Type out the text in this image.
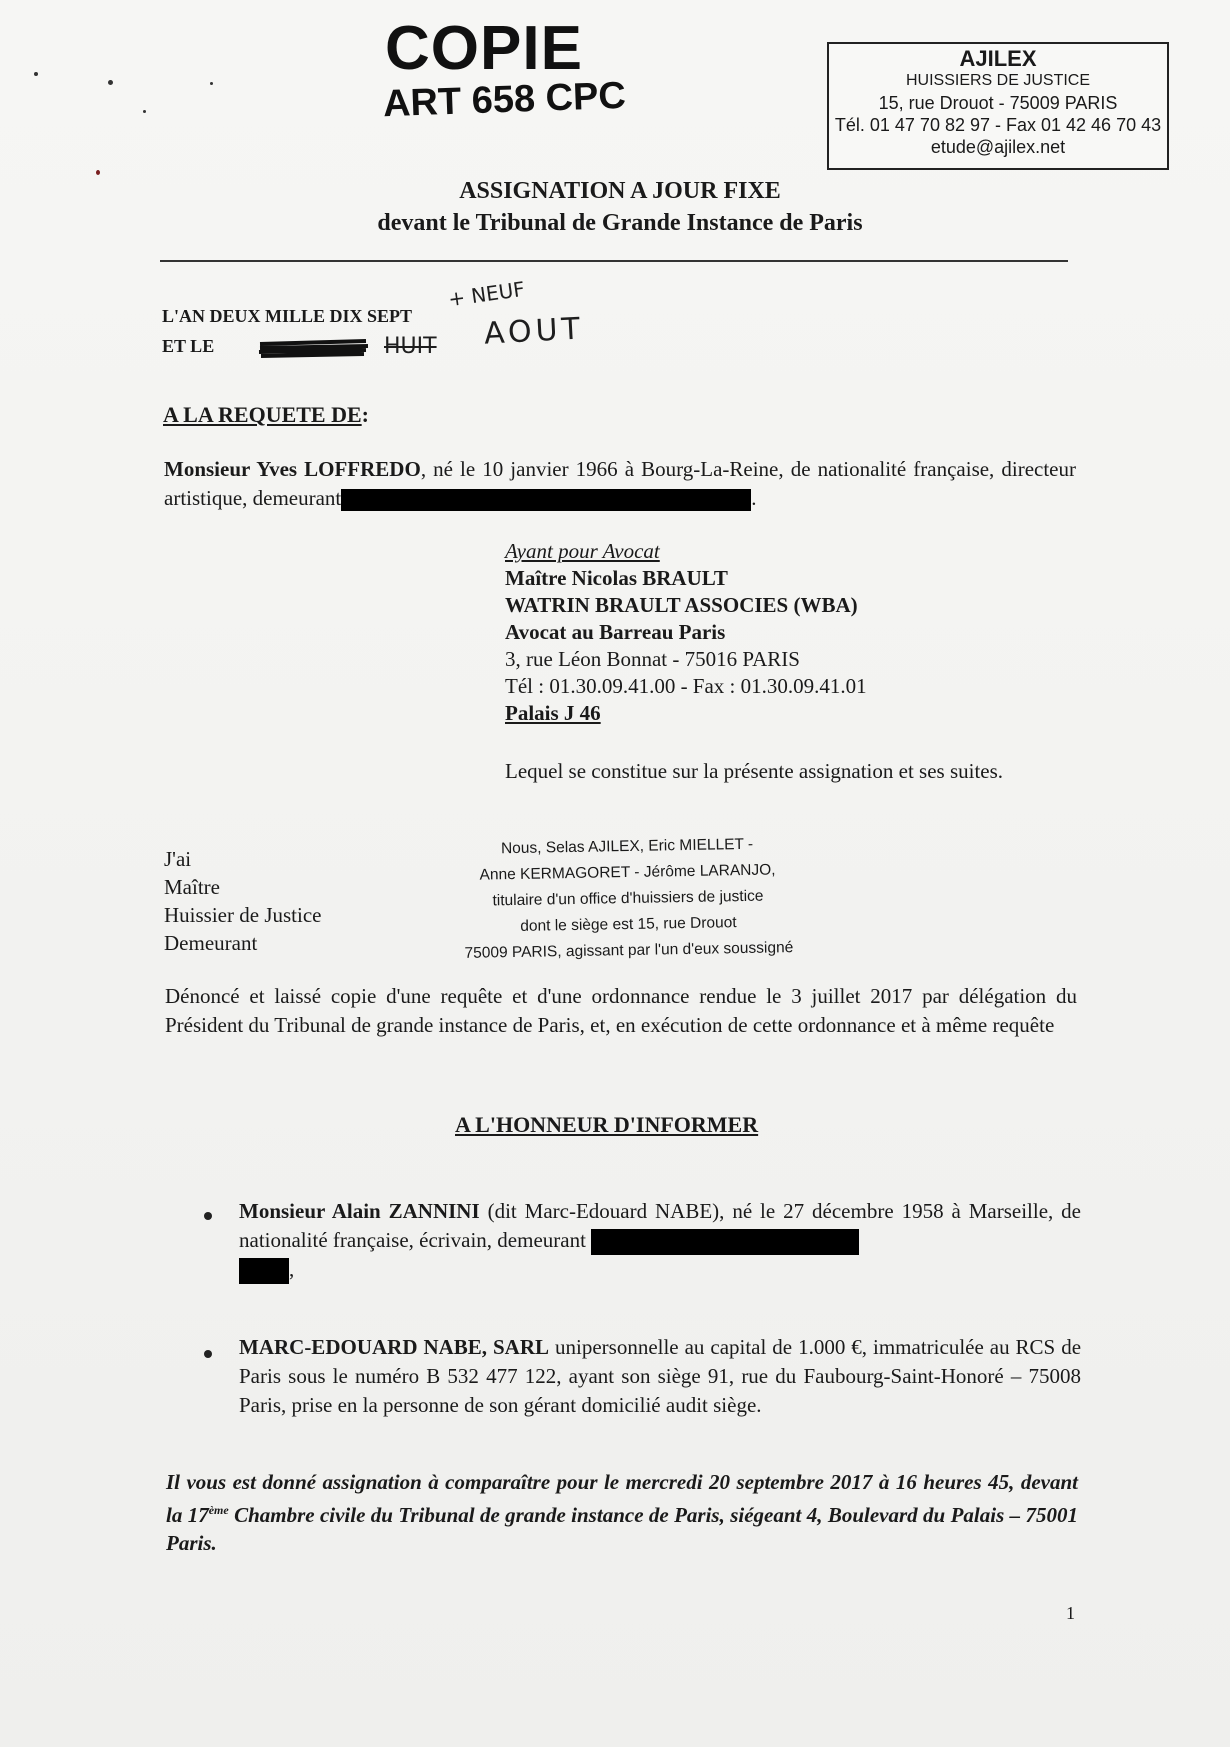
COPIE
ART 658 CPC
AJILEX
HUISSIERS DE JUSTICE
15, rue Drouot - 75009 PARIS
Tél. 01 47 70 82 97 - Fax 01 42 46 70 43
etude@ajilex.net
ASSIGNATION A JOUR FIXE
devant le Tribunal de Grande Instance de Paris
L'AN DEUX MILLE DIX SEPT
ET LE	HUIT
+ NEUF
AOUT
A LA REQUETE DE:
Monsieur Yves LOFFREDO, né le 10 janvier 1966 à Bourg-La-Reine, de nationalité française, directeur artistique, demeurant	.
Ayant pour Avocat
Maître Nicolas BRAULT
WATRIN BRAULT ASSOCIES (WBA)
Avocat au Barreau Paris
3, rue Léon Bonnat - 75016 PARIS
Tél : 01.30.09.41.00 - Fax : 01.30.09.41.01
Palais J 46
Lequel se constitue sur la présente assignation et ses suites.
J'ai
Maître
Huissier de Justice
Demeurant
Nous, Selas AJILEX, Eric MIELLET -
Anne KERMAGORET - Jérôme LARANJO,
titulaire d'un office d'huissiers de justice
dont le siège est 15, rue Drouot
75009 PARIS, agissant par l'un d'eux soussigné
Dénoncé et laissé copie d'une requête et d'une ordonnance rendue le 3 juillet 2017 par délégation du Président du Tribunal de grande instance de Paris, et, en exécution de cette ordonnance et à même requête
A L'HONNEUR D'INFORMER
Monsieur Alain ZANNINI (dit Marc-Edouard NABE), né le 27 décembre 1958 à Marseille, de nationalité française, écrivain, demeurant
,
MARC-EDOUARD NABE, SARL unipersonnelle au capital de 1.000 €, immatriculée au RCS de Paris sous le numéro B 532 477 122, ayant son siège 91, rue du Faubourg-Saint-Honoré – 75008 Paris, prise en la personne de son gérant domicilié audit siège.
Il vous est donné assignation à comparaître pour le mercredi 20 septembre 2017 à 16 heures 45, devant la 17ème Chambre civile du Tribunal de grande instance de Paris, siégeant 4, Boulevard du Palais – 75001 Paris.
1
